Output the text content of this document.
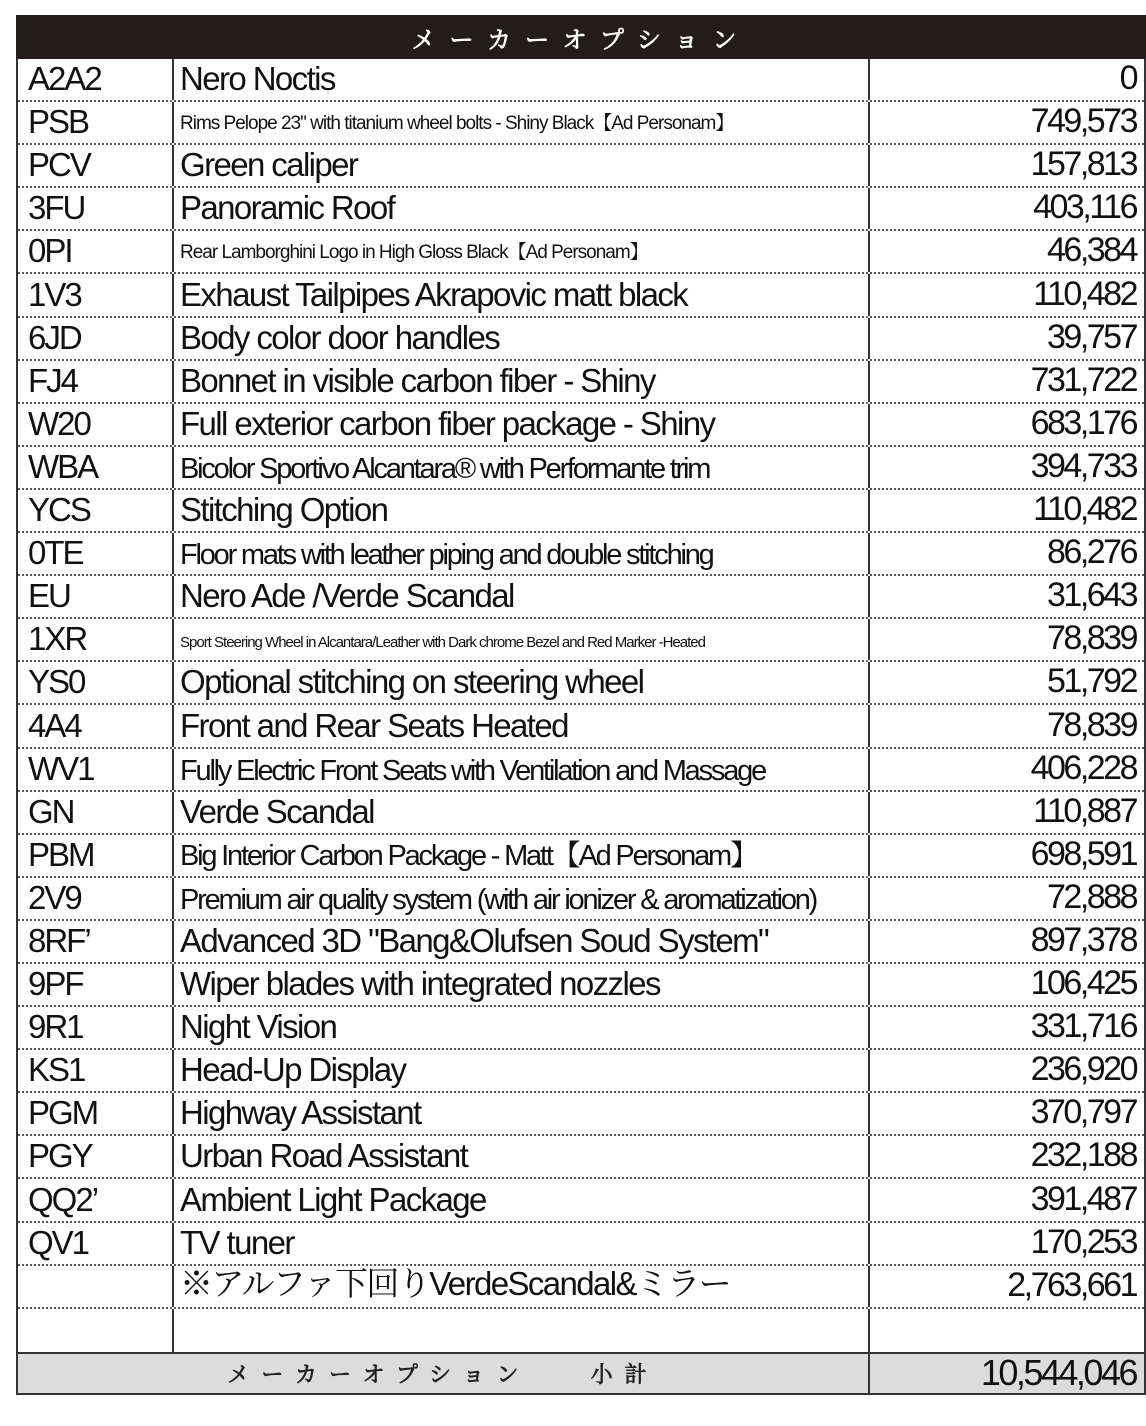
メーカーオプション
A2A2	Nero Noctis	0
PSB	Rims Pelope 23" with titanium wheel bolts - Shiny Black【Ad Personam】	749,573
PCV	Green caliper	157,813
3FU	Panoramic Roof	403,116
0PI	Rear Lamborghini Logo in High Gloss Black【Ad Personam】	46,384
1V3	Exhaust Tailpipes Akrapovic matt black	110,482
6JD	Body color door handles	39,757
FJ4	Bonnet in visible carbon fiber - Shiny	731,722
W20	Full exterior carbon fiber package - Shiny	683,176
WBA	Bicolor Sportivo Alcantara® with Performante trim	394,733
YCS	Stitching Option	110,482
0TE	Floor mats with leather piping and double stitching	86,276
EU	Nero Ade /Verde Scandal	31,643
1XR	Sport Steering Wheel in Alcantara/Leather with Dark chrome Bezel and Red Marker -Heated	78,839
YS0	Optional stitching on steering wheel	51,792
4A4	Front and Rear Seats Heated	78,839
WV1	Fully Electric Front Seats with Ventilation and Massage	406,228
GN	Verde Scandal	110,887
PBM	Big Interior Carbon Package - Matt【Ad Personam】	698,591
2V9	Premium air quality system (with air ionizer & aromatization)	72,888
8RF’	Advanced 3D "Bang&Olufsen Soud System"	897,378
9PF	Wiper blades with integrated nozzles	106,425
9R1	Night Vision	331,716
KS1	Head-Up Display	236,920
PGM	Highway Assistant	370,797
PGY	Urban Road Assistant	232,188
QQ2’	Ambient Light Package	391,487
QV1	TV tuner	170,253
※アルファ下回りVerdeScandal&ミラー	2,763,661
メーカーオプション	小計	10,544,046
